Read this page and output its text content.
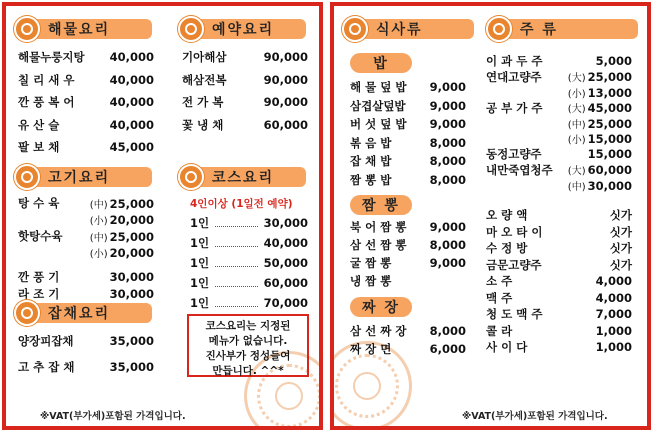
해물요리	예약요리
고기요리	코스요리
4인이상 (1일전 예약)
잡채요리
코스요리는 지정된
메뉴가 없습니다.
진사부가 정성들여
만듭니다. ^^*
※VAT(부가세)포함된 가격입니다.
해물누룽지탕 40,000
칠 리 새 우	40,000
깐 풍 복 어	40,000
유 산 슬	40,000
팔 보 채	45,000
기아해삼	90,000
해삼전복	90,000
전 가 복	90,000
꽃 냉 채	60,000
탕 수 육	(中) 25,000
(小) 20,000
핫탕수육	(中) 25,000
(小) 20,000
깐 풍 기	30,000
라 조 기	30,000
1인	30,000
1인	40,000
1인	50,000
1인	60,000
1인	70,000
양장피잡채	35,000
고 추 잡 채	35,000
식사류
밥
짬 뽕
짜 장
주 류
※VAT(부가세)포함된 가격입니다.
해 물 덮 밥 9,000
삼겹살덮밥 9,000
버 섯 덮 밥 9,000
볶 음 밥	8,000
잡 채 밥	8,000
짬 뽕 밥	8,000
북 어 짬 뽕 9,000
삼 선 짬 뽕 8,000
굴 짬 뽕	9,000
냉 짬 뽕
삼 선 짜 장 8,000
짜 장 면	6,000
이 과 두 주	5,000
연대고량주	(大) 25,000
(小) 13,000
공 부 가 주	(大) 45,000
(中) 25,000
(小) 15,000
동정고량주	15,000
내만죽엽청주 (大) 60,000
(中) 30,000
오 량 액	싯가
마 오 타 이	싯가
수 정 방	싯가
금문고량주	싯가
소 주	4,000
맥 주	4,000
청 도 맥 주	7,000
콜 라	1,000
사 이 다	1,000
